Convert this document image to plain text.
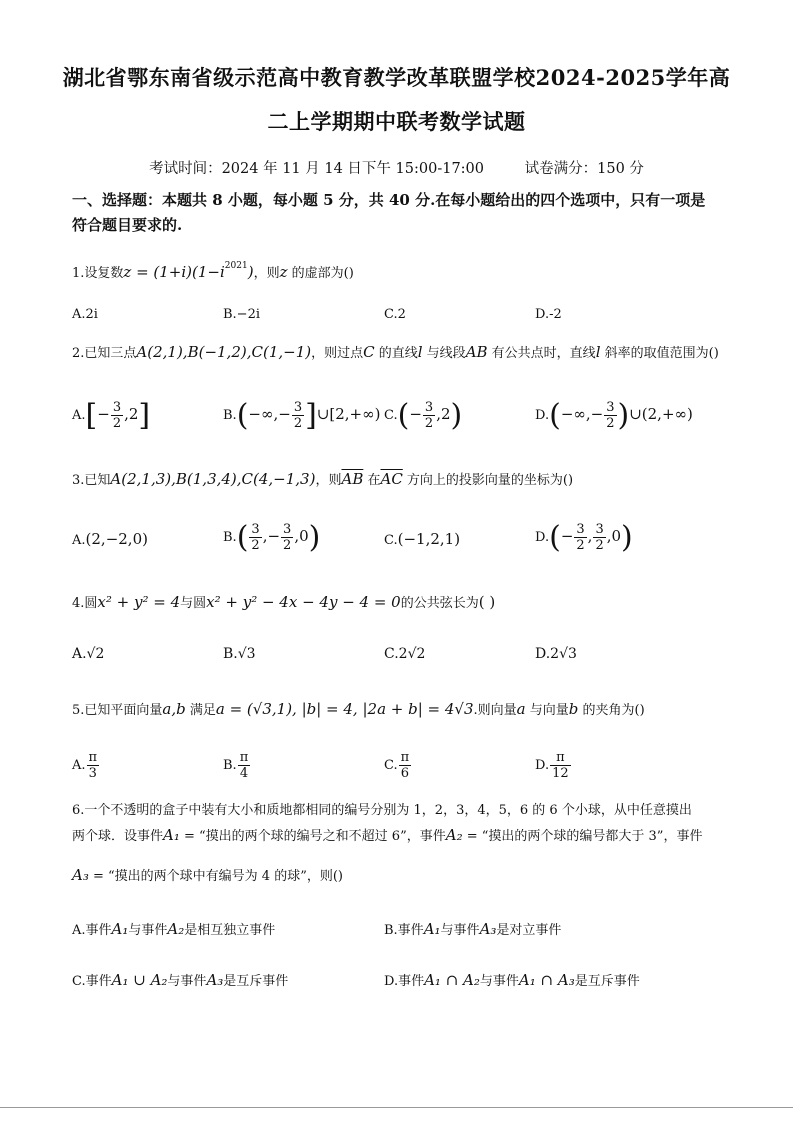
湖北省鄂东南省级示范高中教育教学改革联盟学校2024-2025学年高
二上学期期中联考数学试题
考试时间：2024 年 11 月 14 日下午 15:00-17:00	试卷满分：150 分
一、选择题：本题共 8 小题，每小题 5 分，共 40 分.在每小题给出的四个选项中，只有一项是
符合题目要求的.
1.设复数$z = (1+i)(1-i^{2021})$，则z 的虚部为()
A.2i	B.−2i	C.2	D.-2
2.已知三点A(2,1),B(−1,2),C(1,−1)，则过点C 的直线l 与线段AB 有公共点时，直线l 斜率的取值范围为()
$A.[- \frac{3}{2} ,2]$	$B.(-\infty,- \frac{3}{2}$ ]∪[2,+∞) $C.(- \frac{3}{2} ,2)$	$D.(-\infty,- \frac{3}{2}$ )∪(2,+∞)
3.已知A(2,1,3),B(1,3,4),C(4,−1,3)，则$\overline{AB}$ 在$\overline{AC}$ 方向上的投影向量的坐标为()
A.(2,−2,0)	$B.( \frac{3}{2}$ ,− $\frac{3}{2} ,0$)	C.(−1,2,1)	$D.(- \frac{3}{2}$ , $\frac{3}{2} ,0$)
4.圆x² + y² = 4与圆x² + y² − 4x − 4y − 4 = 0的公共弦长为( )
A.√2	B.√3	C.2√2	D.2√3
5.已知平面向量a,b 满足a = (√3,1), |b| = 4, |2a + b| = 4√3.则向量a 与向量b 的夹角为()
A. $\frac{\pi}{3}$	B. $\frac{\pi}{4}$	C. $\frac{\pi}{6}$	D. $\frac{\pi}{12}$
6.一个不透明的盒子中装有大小和质地都相同的编号分别为 1，2，3，4，5，6 的 6 个小球，从中任意摸出
两个球．设事件A₁ = “摸出的两个球的编号之和不超过 6”，事件A₂ = “摸出的两个球的编号都大于 3”，事件
A₃ = “摸出的两个球中有编号为 4 的球”，则()
A.事件A₁与事件A₂是相互独立事件	B.事件A₁与事件A₃是对立事件
C.事件A₁ ∪ A₂与事件A₃是互斥事件	D.事件A₁ ∩ A₂与事件A₁ ∩ A₃是互斥事件
